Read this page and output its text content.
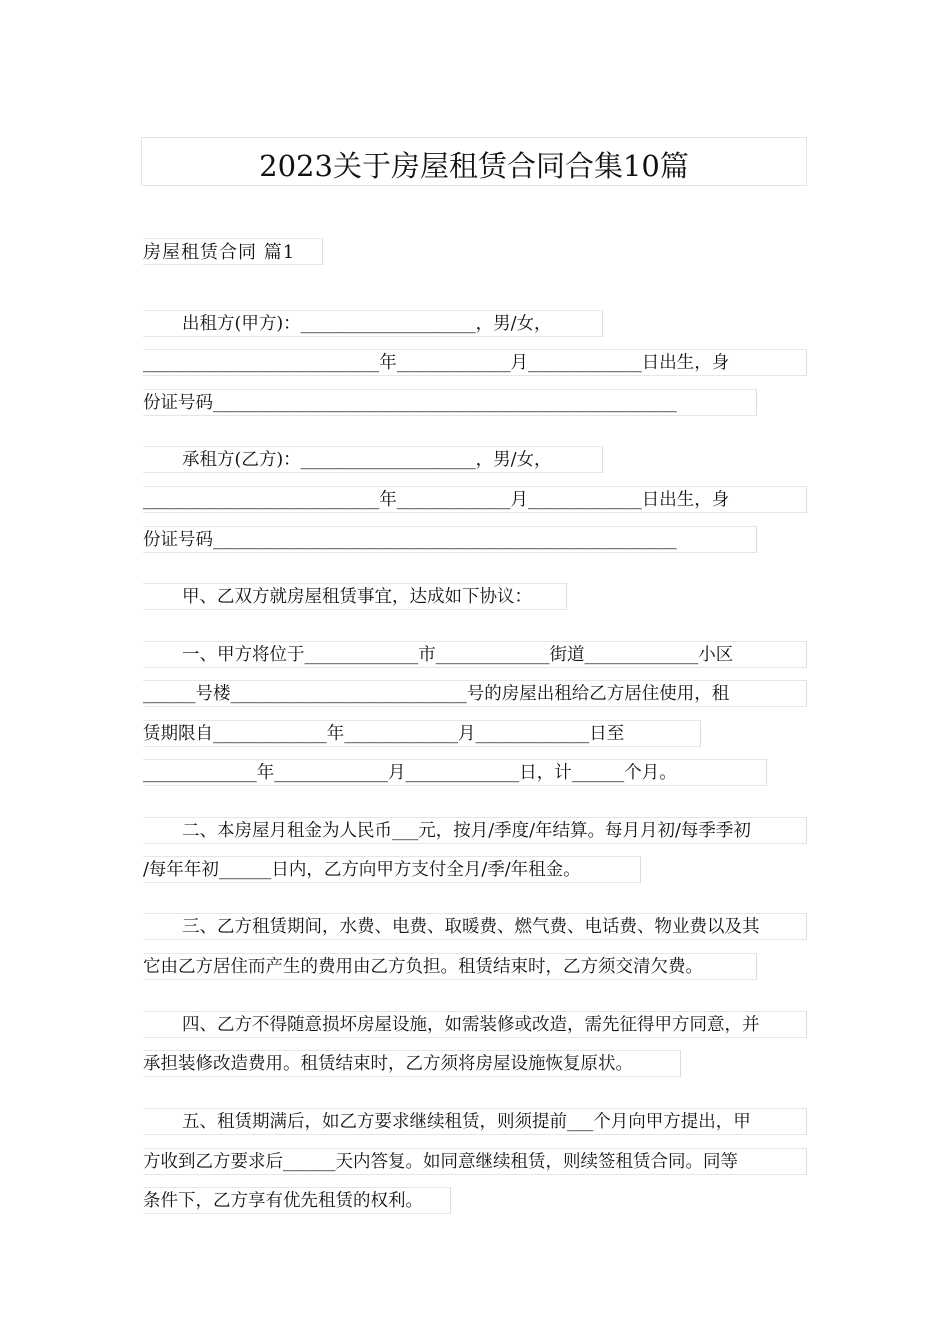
2023关于房屋租赁合同合集10篇
房屋租赁合同 篇1
出租方(甲方)：____________________，男/女，
___________________________年_____________月_____________日出生，身
份证号码_____________________________________________________
承租方(乙方)：____________________，男/女，
___________________________年_____________月_____________日出生，身
份证号码_____________________________________________________
甲、乙双方就房屋租赁事宜，达成如下协议：
一、甲方将位于_____________市_____________街道_____________小区
______号楼___________________________号的房屋出租给乙方居住使用，租
赁期限自_____________年_____________月_____________日至
_____________年_____________月_____________日，计______个月。
二、本房屋月租金为人民币___元，按月/季度/年结算。每月月初/每季季初
/每年年初______日内，乙方向甲方支付全月/季/年租金。
三、乙方租赁期间，水费、电费、取暖费、燃气费、电话费、物业费以及其
它由乙方居住而产生的费用由乙方负担。租赁结束时，乙方须交清欠费。
四、乙方不得随意损坏房屋设施，如需装修或改造，需先征得甲方同意，并
承担装修改造费用。租赁结束时，乙方须将房屋设施恢复原状。
五、租赁期满后，如乙方要求继续租赁，则须提前___个月向甲方提出，甲
方收到乙方要求后______天内答复。如同意继续租赁，则续签租赁合同。同等
条件下，乙方享有优先租赁的权利。
